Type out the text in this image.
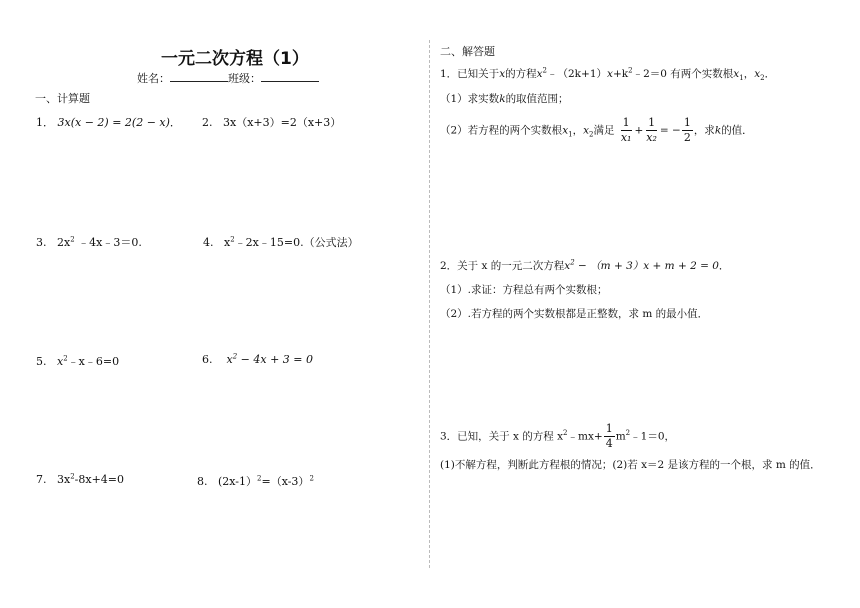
一元二次方程（1）
姓名：	班级：
一、计算题
1． 3x(x − 2) = 2(2 − x)． 2. 3x（x+3）=2（x+3）
3. $2x^2$ ﹣4x﹣3＝0.	4. $x^2﹣2x﹣15=0$.（公式法）
5. $x^2﹣x﹣6=0$	6. $x^2 - 4x + 3 = 0$
7. $3x^2-8x+4=0$	8. $(2x-1)^2=(x-3)^2$
二、解答题
1．已知关于x的方程$x^2﹣(2k+1)x+k^2﹣2=0$ 有两个实数根$x_1$，$x_2$．
（1）求实数k的取值范围；
（2）若方程的两个实数根$x_1$，$x_2$满足 $\frac{1}{\text{x₁}} + \frac{1}{\text{x₂}}$ = − $\frac{1}{2}$ ，求k的值．
2．关于 x 的一元二次方程$x^2 - (m + 3)x + m + 2 = 0$．
（1）.求证：方程总有两个实数根；
（2）.若方程的两个实数根都是正整数，求 m 的最小值．
3．已知，关于 x 的方程 $x^2﹣mx+ \frac{1}{4}$ $m^2﹣1=0$，
(1)不解方程，判断此方程根的情况；(2)若 x＝2 是该方程的一个根，求 m 的值．
